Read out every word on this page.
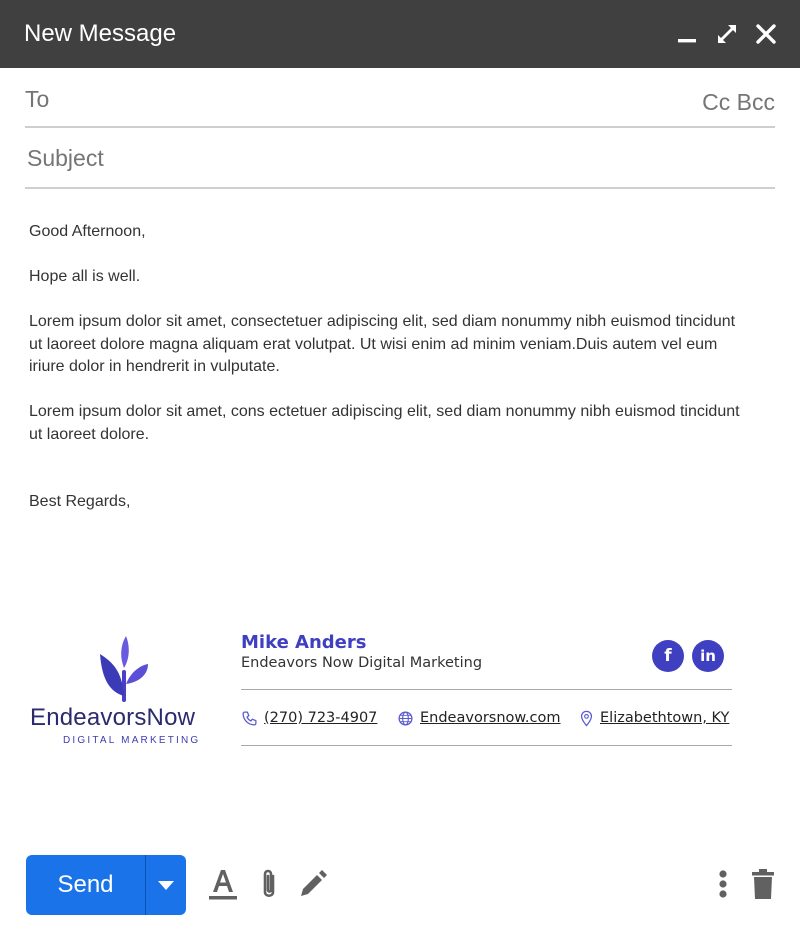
New Message
To	Cc Bcc
Subject

Good Afternoon,

Hope all is well.

Lorem ipsum dolor sit amet, consectetuer adipiscing elit, sed diam nonummy nibh euismod tincidunt ut laoreet dolore magna aliquam erat volutpat. Ut wisi enim ad minim veniam.Duis autem vel eum iriure dolor in hendrerit in vulputate.

Lorem ipsum dolor sit amet, cons ectetuer adipiscing elit, sed diam nonummy nibh euismod tincidunt ut laoreet dolore.

Best Regards,

EndeavorsNow
DIGITAL MARKETING
Mike Anders
Endeavors Now Digital Marketing	f	in
(270) 723-4907	Endeavorsnow.com	Elizabethtown, KY
Send
